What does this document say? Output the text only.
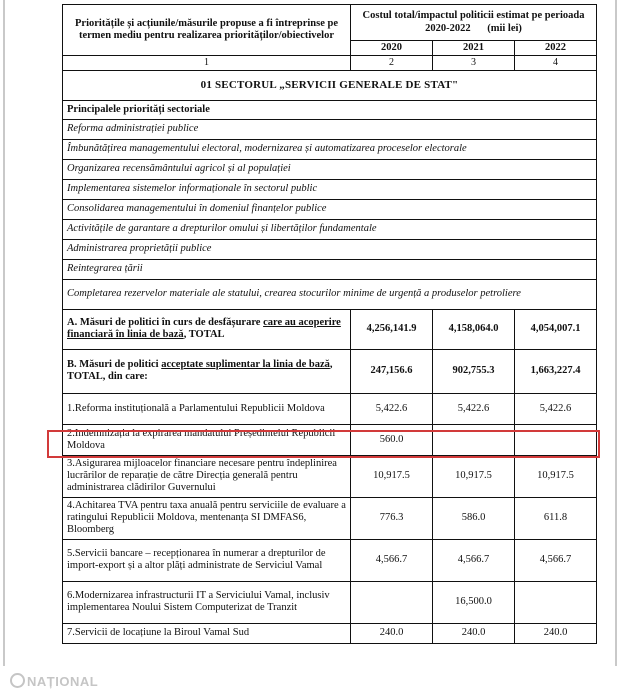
Prioritățile și acțiunile/măsurile propuse a fi întreprinse pe termen mediu pentru realizarea priorităților/obiectivelor	Costul total/impactul politicii estimat pe perioada 2020-2022 (mii lei)		
	2020	2021	2022
1	2	3	4
01 SECTORUL „SERVICII GENERALE DE STAT"			
Principalele priorități sectoriale			
Reforma administrației publice			
Îmbunătățirea managementului electoral, modernizarea și automatizarea proceselor electorale			
Organizarea recensământului agricol și al populației			
Implementarea sistemelor informaționale în sectorul public			
Consolidarea managementului în domeniul finanțelor publice			
Activitățile de garantare a drepturilor omului și libertăților fundamentale			
Administrarea proprietății publice			
Reintegrarea țării			
Completarea rezervelor materiale ale statului, crearea stocurilor minime de urgență a produselor petroliere			
A. Măsuri de politici în curs de desfășurare care au acoperire financiară în linia de bază, TOTAL	4,256,141.9	4,158,064.0	4,054,007.1
B. Măsuri de politici acceptate suplimentar la linia de bază, TOTAL, din care:	247,156.6	902,755.3	1,663,227.4
1.Reforma instituțională a Parlamentului Republicii Moldova	5,422.6	5,422.6	5,422.6
2.Indemnizația la expirarea mandatului Președintelui Republicii Moldova	560.0		
3.Asigurarea mijloacelor financiare necesare pentru îndeplinirea lucrărilor de reparație de către Direcția generală pentru administrarea clădirilor Guvernului	10,917.5	10,917.5	10,917.5
4.Achitarea TVA pentru taxa anuală pentru serviciile de evaluare a ratingului Republicii Moldova, mentenanța SI DMFAS6, Bloomberg	776.3	586.0	611.8
5.Servicii bancare – recepționarea în numerar a drepturilor de import-export și a altor plăți administrate de Serviciul Vamal	4,566.7	4,566.7	4,566.7
6.Modernizarea infrastructurii IT a Serviciului Vamal, inclusiv implementarea Noului Sistem Computerizat de Tranzit		16,500.0	
7.Servicii de locațiune la Biroul Vamal Sud	240.0	240.0	240.0
NAȚIONAL
